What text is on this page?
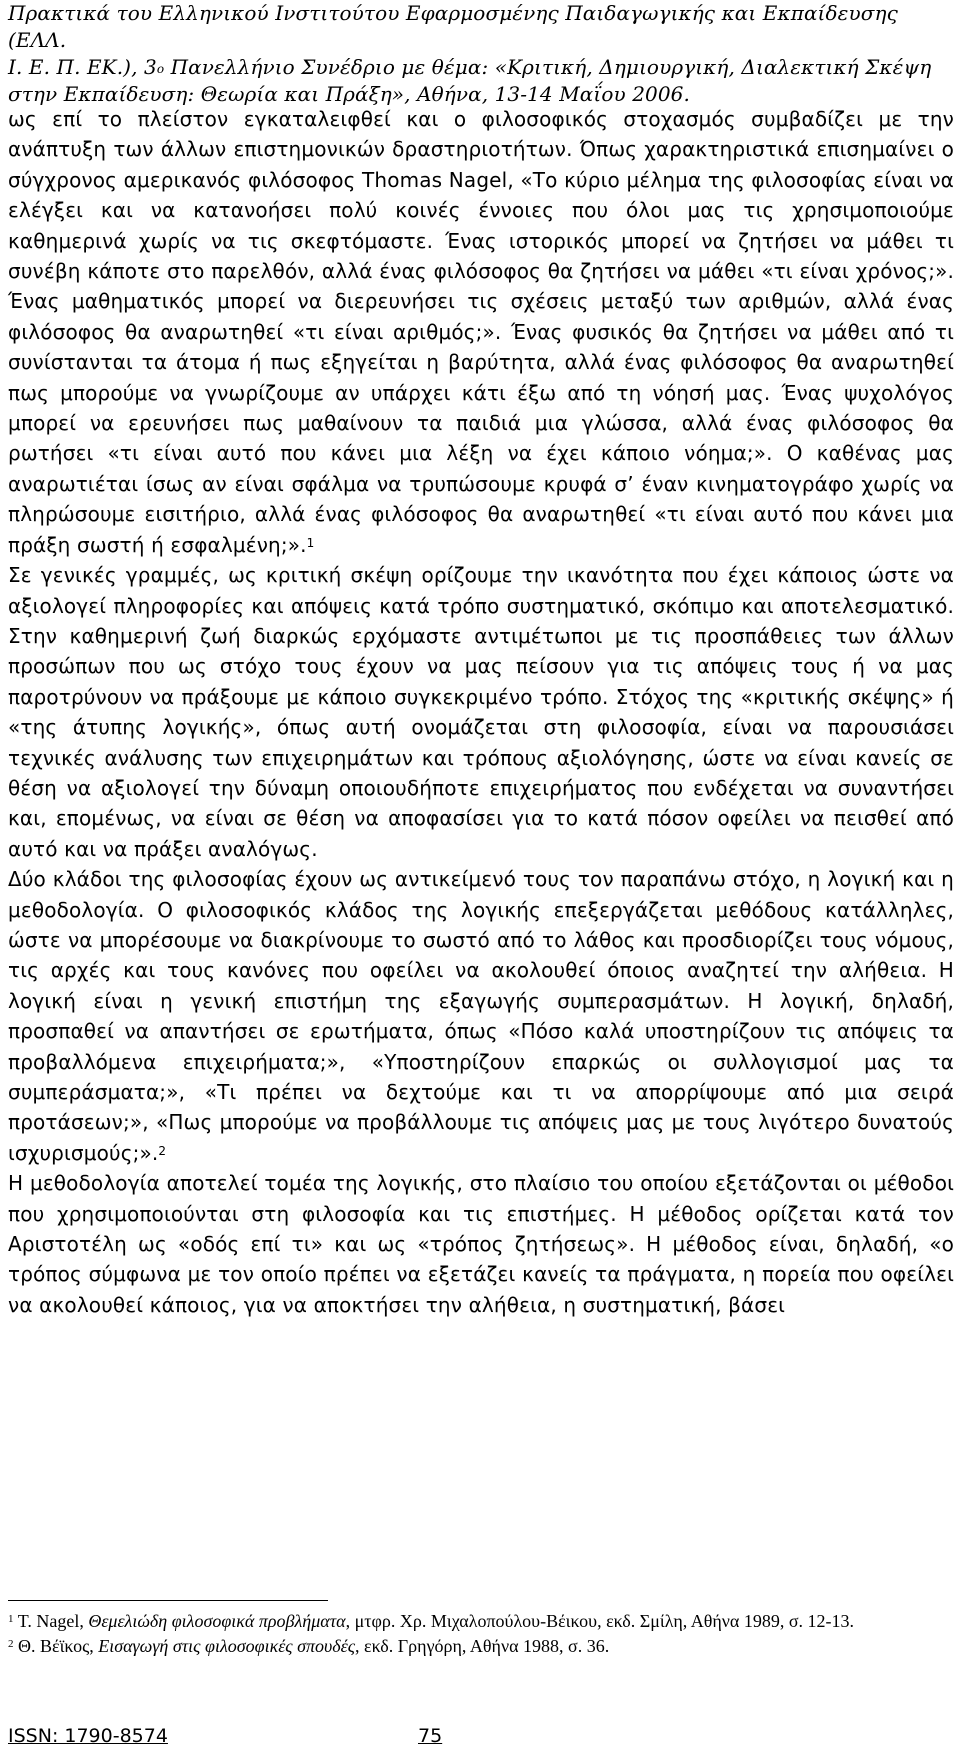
Πρακτικά του Ελληνικού Ινστιτούτου Εφαρμοσμένης Παιδαγωγικής και Εκπαίδευσης (ΕΛΛ.
Ι. Ε. Π. ΕΚ.), $3^o$ Πανελλήνιο Συνέδριο με θέμα: «Κριτική, Δημιουργική, Διαλεκτική Σκέψη
στην Εκπαίδευση: Θεωρία και Πράξη», Αθήνα, 13-14 Μαΐου 2006.

ως επί το πλείστον εγκαταλειφθεί και ο φιλοσοφικός στοχασμός συμβαδίζει με την ανάπτυξη των άλλων επιστημονικών δραστηριοτήτων. Όπως χαρακτηριστικά επισημαίνει ο σύγχρονος αμερικανός φιλόσοφος Thomas Nagel, «Το κύριο μέλημα της φιλοσοφίας είναι να ελέγξει και να κατανοήσει πολύ κοινές έννοιες που όλοι μας τις χρησιμοποιούμε καθημερινά χωρίς να τις σκεφτόμαστε. Ένας ιστορικός μπορεί να ζητήσει να μάθει τι συνέβη κάποτε στο παρελθόν, αλλά ένας φιλόσοφος θα ζητήσει να μάθει «τι είναι χρόνος;». Ένας μαθηματικός μπορεί να διερευνήσει τις σχέσεις μεταξύ των αριθμών, αλλά ένας φιλόσοφος θα αναρωτηθεί «τι είναι αριθμός;». Ένας φυσικός θα ζητήσει να μάθει από τι συνίστανται τα άτομα ή πως εξηγείται η βαρύτητα, αλλά ένας φιλόσοφος θα αναρωτηθεί πως μπορούμε να γνωρίζουμε αν υπάρχει κάτι έξω από τη νόησή μας. Ένας ψυχολόγος μπορεί να ερευνήσει πως μαθαίνουν τα παιδιά μια γλώσσα, αλλά ένας φιλόσοφος θα ρωτήσει «τι είναι αυτό που κάνει μια λέξη να έχει κάποιο νόημα;». Ο καθένας μας αναρωτιέται ίσως αν είναι σφάλμα να τρυπώσουμε κρυφά σ’ έναν κινηματογράφο χωρίς να πληρώσουμε εισιτήριο, αλλά ένας φιλόσοφος θα αναρωτηθεί «τι είναι αυτό που κάνει μια πράξη σωστή ή εσφαλμένη;».$^1$

Σε γενικές γραμμές, ως κριτική σκέψη ορίζουμε την ικανότητα που έχει κάποιος ώστε να αξιολογεί πληροφορίες και απόψεις κατά τρόπο συστηματικό, σκόπιμο και αποτελεσματικό. Στην καθημερινή ζωή διαρκώς ερχόμαστε αντιμέτωποι με τις προσπάθειες των άλλων προσώπων που ως στόχο τους έχουν να μας πείσουν για τις απόψεις τους ή να μας παροτρύνουν να πράξουμε με κάποιο συγκεκριμένο τρόπο. Στόχος της «κριτικής σκέψης» ή «της άτυπης λογικής», όπως αυτή ονομάζεται στη φιλοσοφία, είναι να παρουσιάσει τεχνικές ανάλυσης των επιχειρημάτων και τρόπους αξιολόγησης, ώστε να είναι κανείς σε θέση να αξιολογεί την δύναμη οποιουδήποτε επιχειρήματος που ενδέχεται να συναντήσει και, επομένως, να είναι σε θέση να αποφασίσει για το κατά πόσον οφείλει να πεισθεί από αυτό και να πράξει αναλόγως.

Δύο κλάδοι της φιλοσοφίας έχουν ως αντικείμενό τους τον παραπάνω στόχο, η λογική και η μεθοδολογία. Ο φιλοσοφικός κλάδος της λογικής επεξεργάζεται μεθόδους κατάλληλες, ώστε να μπορέσουμε να διακρίνουμε το σωστό από το λάθος και προσδιορίζει τους νόμους, τις αρχές και τους κανόνες που οφείλει να ακολουθεί όποιος αναζητεί την αλήθεια. Η λογική είναι η γενική επιστήμη της εξαγωγής συμπερασμάτων. Η λογική, δηλαδή, προσπαθεί να απαντήσει σε ερωτήματα, όπως «Πόσο καλά υποστηρίζουν τις απόψεις τα προβαλλόμενα επιχειρήματα;», «Υποστηρίζουν επαρκώς οι συλλογισμοί μας τα συμπεράσματα;», «Τι πρέπει να δεχτούμε και τι να απορρίψουμε από μια σειρά προτάσεων;», «Πως μπορούμε να προβάλλουμε τις απόψεις μας με τους λιγότερο δυνατούς ισχυρισμούς;».$^2$

Η μεθοδολογία αποτελεί τομέα της λογικής, στο πλαίσιο του οποίου εξετάζονται οι μέθοδοι που χρησιμοποιούνται στη φιλοσοφία και τις επιστήμες. Η μέθοδος ορίζεται κατά τον Αριστοτέλη ως «οδός επί τι» και ως «τρόπος ζητήσεως». Η μέθοδος είναι, δηλαδή, «ο τρόπος σύμφωνα με τον οποίο πρέπει να εξετάζει κανείς τα πράγματα, η πορεία που οφείλει να ακολουθεί κάποιος, για να αποκτήσει την αλήθεια, η συστηματική, βάσει

$^1$ Τ. Nagel, Θεμελιώδη φιλοσοφικά προβλήματα, μτφρ. Χρ. Μιχαλοπούλου-Βέικου, εκδ. Σμίλη, Αθήνα 1989, σ. 12-13.

$^2$ Θ. Βέϊκος, Εισαγωγή στις φιλοσοφικές σπουδές, εκδ. Γρηγόρη, Αθήνα 1988, σ. 36.

ISSN: 1790-8574	75
